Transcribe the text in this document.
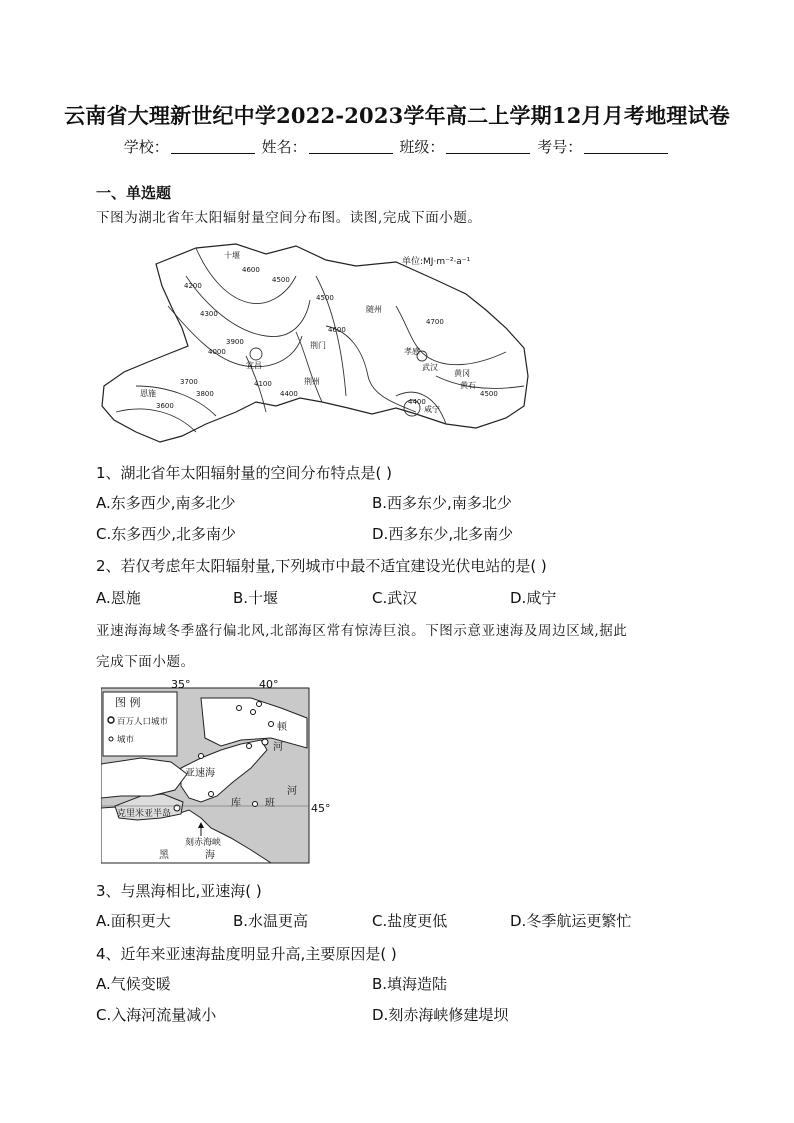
云南省大理新世纪中学2022-2023学年高二上学期12月月考地理试卷
学校：	姓名：	班级：	考号：
一、单选题
下图为湖北省年太阳辐射量空间分布图。读图,完成下面小题。
十堰
随州
荆门
孝感
武汉
荆州
宜昌
恩施
黄冈
黄石
咸宁
4600
4500
4200
4300
4000
3900
3700
3800
3600
4100
4400
4500
4600
4700
4400
4500
单位:MJ·m⁻²·a⁻¹
1、湖北省年太阳辐射量的空间分布特点是( )
A.东多西少,南多北少	B.西多东少,南多北少
C.东多西少,北多南少	D.西多东少,北多南少
2、若仅考虑年太阳辐射量,下列城市中最不适宜建设光伏电站的是( )
A.恩施	B.十堰	C.武汉	D.咸宁
亚速海海域冬季盛行偏北风,北部海区常有惊涛巨浪。下图示意亚速海及周边区域,据此
完成下面小题。
图 例
百万人口城市
城市
35°	40°
45°
亚速海
克里米亚半岛
刻赤海峡
黑	海
顿
河
库 班
河
3、与黑海相比,亚速海( )
A.面积更大	B.水温更高	C.盐度更低	D.冬季航运更繁忙
4、近年来亚速海盐度明显升高,主要原因是( )
A.气候变暖	B.填海造陆
C.入海河流量减小	D.刻赤海峡修建堤坝
